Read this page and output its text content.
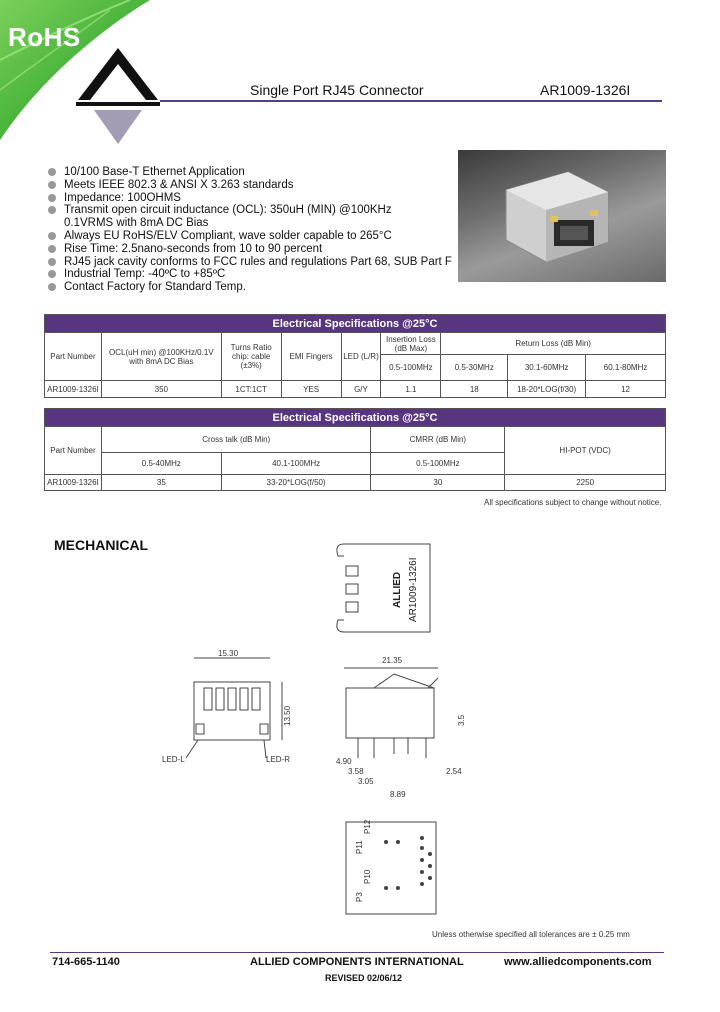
RoHS
Single Port RJ45 Connector	AR1009-1326I
10/100 Base-T Ethernet Application
Meets IEEE 802.3 & ANSI X 3.263 standards
Impedance: 100OHMS
Transmit open circuit inductance (OCL): 350uH (MIN) @100KHz
0.1VRMS with 8mA DC Bias
Always EU RoHS/ELV Compliant, wave solder capable to 265°C
Rise Time: 2.5nano-seconds from 10 to 90 percent
RJ45 jack cavity conforms to FCC rules and regulations Part 68, SUB Part F
Industrial Temp: -40ºC to +85ºC
Contact Factory for Standard Temp.
Electrical Specifications @25°C								
Part Number	OCL(uH min) @100KHz/0.1V with 8mA DC Bias	Turns Ratio chip: cable (±3%)	EMI Fingers	LED (L/R)	Insertion Loss (dB Max)	Return Loss (dB Min)		
					0.5-100MHz	0.5-30MHz	30.1-60MHz	60.1-80MHz
AR1009-1326I	350	1CT:1CT	YES	G/Y	1.1	18	18-20*LOG(f/30)	12
Electrical Specifications @25°C				
Part Number	Cross talk (dB Min)		CMRR (dB Min)	HI-POT (VDC)
	0.5-40MHz	40.1-100MHz	0.5-100MHz	
AR1009-1326I	35	33-20*LOG(f/50)	30	2250
All specifications subject to change without notice.
MECHANICAL
ALLIED AR1009-1326I
15.30
13.50
LED-L	LED-R
21.35
3.5
4.90
3.58
3.05
8.89
2.54
P11
P12
P3
P10
Unless otherwise specified all tolerances are ± 0.25 mm
714-665-1140	ALLIED COMPONENTS INTERNATIONAL	www.alliedcomponents.com
REVISED 02/06/12
